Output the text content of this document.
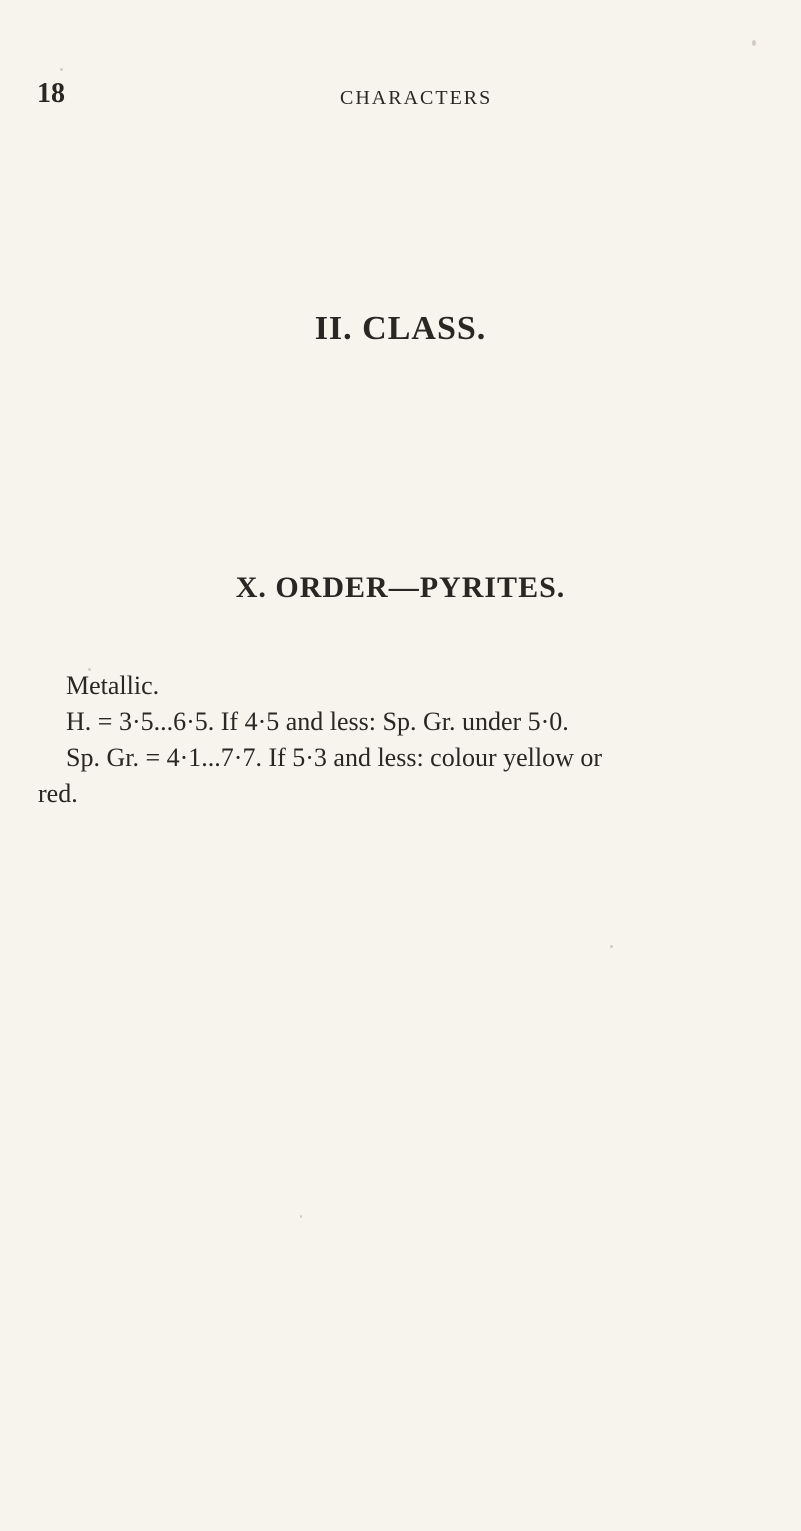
18	CHARACTERS
II. CLASS.
X. ORDER—PYRITES.
Metallic.
H. = 3·5...6·5. If 4·5 and less: Sp. Gr. under 5·0.
Sp. Gr. = 4·1...7·7. If 5·3 and less: colour yellow or
red.
